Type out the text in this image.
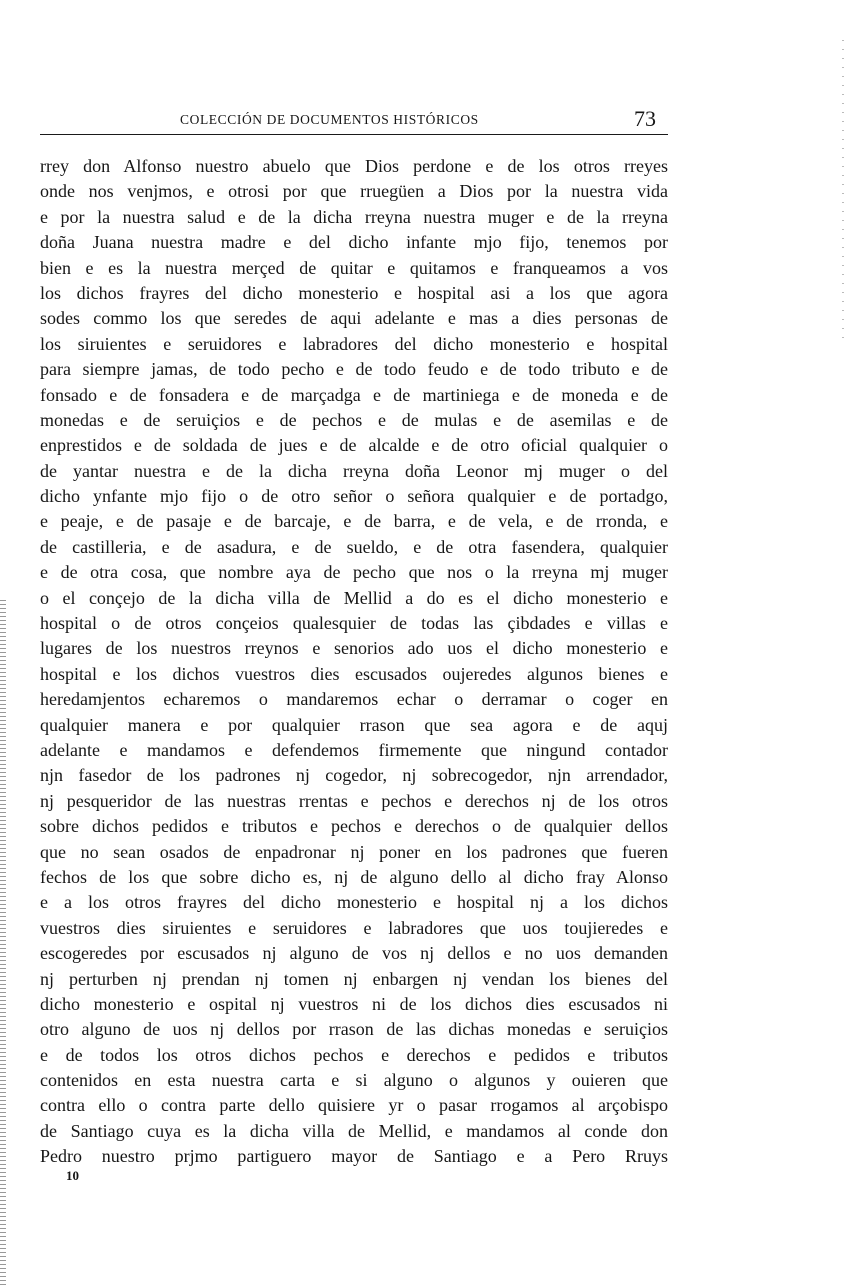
COLECCIÓN DE DOCUMENTOS HISTÓRICOS	73
rrey don Alfonso nuestro abuelo que Dios perdone e de los otros rreyes
onde nos venjmos, e otrosi por que rruegüen a Dios por la nuestra vida
e por la nuestra salud e de la dicha rreyna nuestra muger e de la rreyna
doña Juana nuestra madre e del dicho infante mjo fijo, tenemos por
bien e es la nuestra merçed de quitar e quitamos e franqueamos a vos
los dichos frayres del dicho monesterio e hospital asi a los que agora
sodes commo los que seredes de aqui adelante e mas a dies personas de
los siruientes e seruidores e labradores del dicho monesterio e hospital
para siempre jamas, de todo pecho e de todo feudo e de todo tributo e de
fonsado e de fonsadera e de marçadga e de martiniega e de moneda e de
monedas e de seruiçios e de pechos e de mulas e de asemilas e de
enprestidos e de soldada de jues e de alcalde e de otro oficial qualquier o
de yantar nuestra e de la dicha rreyna doña Leonor mj muger o del
dicho ynfante mjo fijo o de otro señor o señora qualquier e de portadgo,
e peaje, e de pasaje e de barcaje, e de barra, e de vela, e de rronda, e
de castilleria, e de asadura, e de sueldo, e de otra fasendera, qualquier
e de otra cosa, que nombre aya de pecho que nos o la rreyna mj muger
o el conçejo de la dicha villa de Mellid a do es el dicho monesterio e
hospital o de otros conçeios qualesquier de todas las çibdades e villas e
lugares de los nuestros rreynos e senorios ado uos el dicho monesterio e
hospital e los dichos vuestros dies escusados oujeredes algunos bienes e
heredamjentos echaremos o mandaremos echar o derramar o coger en
qualquier manera e por qualquier rrason que sea agora e de aquj
adelante e mandamos e defendemos firmemente que ningund contador
njn fasedor de los padrones nj cogedor, nj sobrecogedor, njn arrendador,
nj pesqueridor de las nuestras rrentas e pechos e derechos nj de los otros
sobre dichos pedidos e tributos e pechos e derechos o de qualquier dellos
que no sean osados de enpadronar nj poner en los padrones que fueren
fechos de los que sobre dicho es, nj de alguno dello al dicho fray Alonso
e a los otros frayres del dicho monesterio e hospital nj a los dichos
vuestros dies siruientes e seruidores e labradores que uos toujieredes e
escogeredes por escusados nj alguno de vos nj dellos e no uos demanden
nj perturben nj prendan nj tomen nj enbargen nj vendan los bienes del
dicho monesterio e ospital nj vuestros ni de los dichos dies escusados ni
otro alguno de uos nj dellos por rrason de las dichas monedas e seruiçios
e de todos los otros dichos pechos e derechos e pedidos e tributos
contenidos en esta nuestra carta e si alguno o algunos y ouieren que
contra ello o contra parte dello quisiere yr o pasar rrogamos al arçobispo
de Santiago cuya es la dicha villa de Mellid, e mandamos al conde don
Pedro nuestro prjmo partiguero mayor de Santiago e a Pero Rruys
10
